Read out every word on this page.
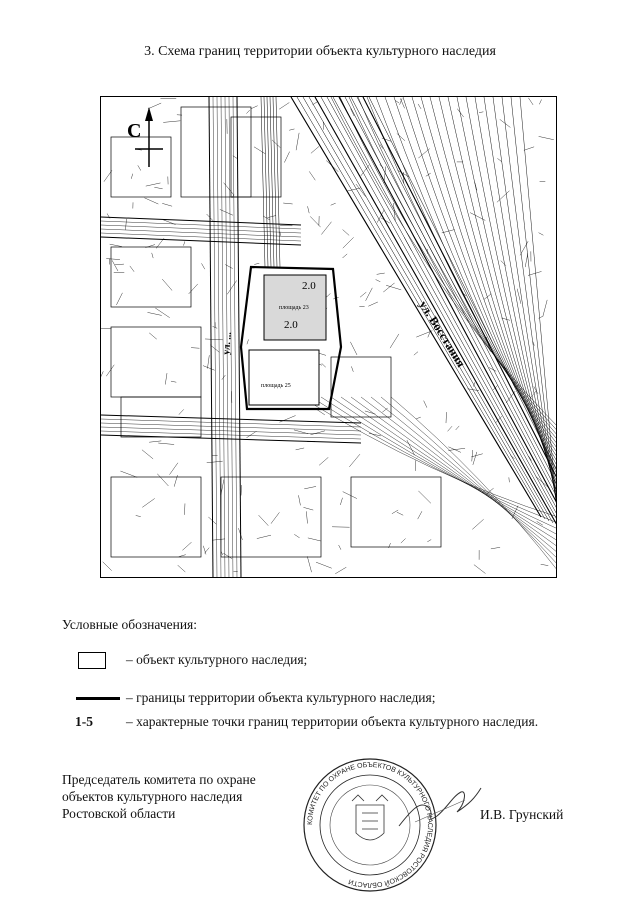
3. Схема границ территории объекта культурного наследия
С
ул. Восстания
ул. ...
2.0
2.0
площадь 23
площадь 25
Условные обозначения:
– объект культурного наследия;
– границы территории объекта культурного наследия;
1-5	– характерные точки границ территории объекта культурного наследия.
Председатель комитета по охране
объектов культурного наследия
Ростовской области
КОМИТЕТ ПО ОХРАНЕ ОБЪЕКТОВ КУЛЬТУРНОГО НАСЛЕДИЯ РОСТОВСКОЙ ОБЛАСТИ
И.В. Грунский
